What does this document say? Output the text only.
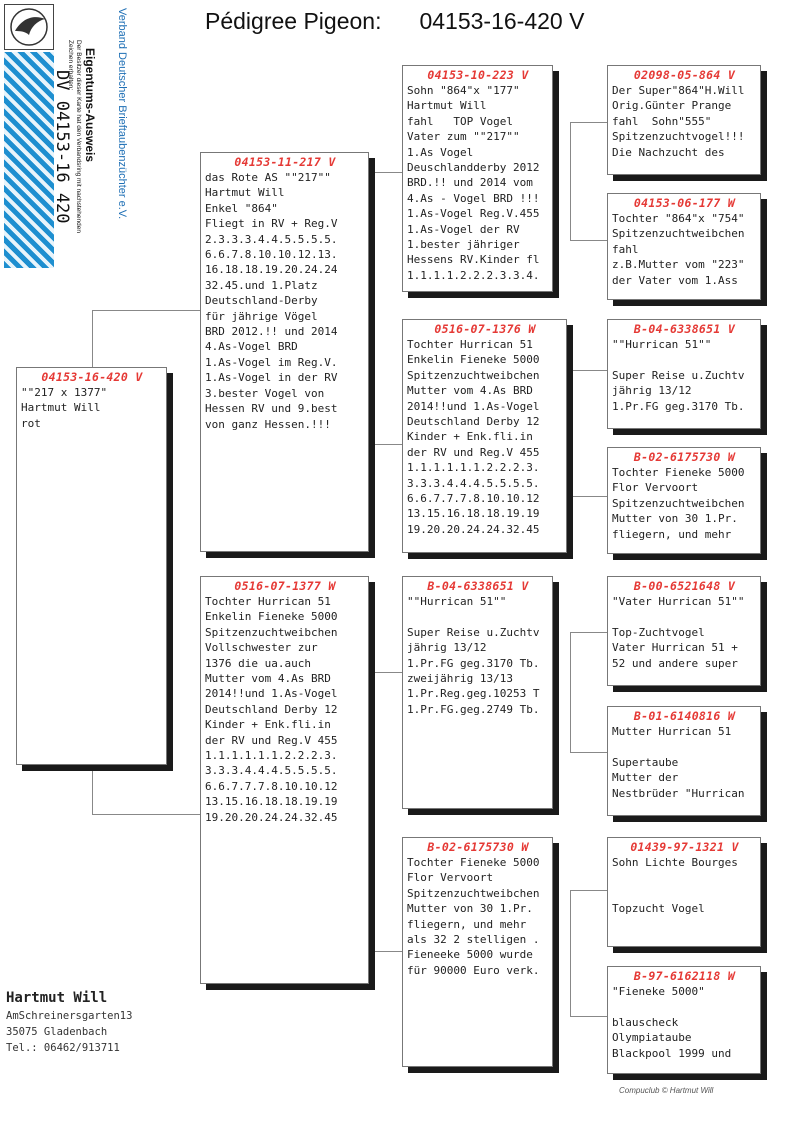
Pédigree Pigeon: 04153-16-420 V
Verband Deutscher Brieftaubenzüchter e.V.
Eigentums-Ausweis
Der Besitzer dieser Karte hat den Verbandsring mit nachstehenden Zeichen erhalten:
DV 04153-16 420
04153-16-420 V
""217 x 1377"
Hartmut Will
rot
04153-11-217 V
das Rote AS ""217""
Hartmut Will
Enkel "864"
Fliegt in RV + Reg.V
2.3.3.3.4.4.5.5.5.5.
6.6.7.8.10.10.12.13.
16.18.18.19.20.24.24
32.45.und 1.Platz
Deutschland-Derby
für jährige Vögel
BRD 2012.!! und 2014
4.As-Vogel BRD
1.As-Vogel im Reg.V.
1.As-Vogel in der RV
3.bester Vogel von
Hessen RV und 9.best
von ganz Hessen.!!!
0516-07-1377 W
Tochter Hurrican 51
Enkelin Fieneke 5000
Spitzenzuchtweibchen
Vollschwester zur
1376 die ua.auch
Mutter vom 4.As BRD
2014!!und 1.As-Vogel
Deutschland Derby 12
Kinder + Enk.fli.in
der RV und Reg.V 455
1.1.1.1.1.1.2.2.2.3.
3.3.3.4.4.4.5.5.5.5.
6.6.7.7.7.8.10.10.12
13.15.16.18.18.19.19
19.20.20.24.24.32.45
04153-10-223 V
Sohn "864"x "177"
Hartmut Will
fahl   TOP Vogel
Vater zum ""217""
1.As Vogel
Deuschlandderby 2012
BRD.!! und 2014 vom
4.As - Vogel BRD !!!
1.As-Vogel Reg.V.455
1.As-Vogel der RV
1.bester jähriger
Hessens RV.Kinder fl
1.1.1.1.2.2.2.3.3.4.
0516-07-1376 W
Tochter Hurrican 51
Enkelin Fieneke 5000
Spitzenzuchtweibchen
Mutter vom 4.As BRD
2014!!und 1.As-Vogel
Deutschland Derby 12
Kinder + Enk.fli.in
der RV und Reg.V 455
1.1.1.1.1.1.2.2.2.3.
3.3.3.4.4.4.5.5.5.5.
6.6.7.7.7.8.10.10.12
13.15.16.18.18.19.19
19.20.20.24.24.32.45
B-04-6338651 V
""Hurrican 51""

Super Reise u.Zuchtv
jährig 13/12
1.Pr.FG geg.3170 Tb.
zweijährig 13/13
1.Pr.Reg.geg.10253 T
1.Pr.FG.geg.2749 Tb.
B-02-6175730 W
Tochter Fieneke 5000
Flor Vervoort
Spitzenzuchtweibchen
Mutter von 30 1.Pr.
fliegern, und mehr
als 32 2 stelligen .
Fieneeke 5000 wurde
für 90000 Euro verk.
02098-05-864 V
Der Super"864"H.Will
Orig.Günter Prange
fahl  Sohn"555"
Spitzenzuchtvogel!!!
Die Nachzucht des
04153-06-177 W
Tochter "864"x "754"
Spitzenzuchtweibchen
fahl
z.B.Mutter vom "223"
der Vater vom 1.Ass
B-04-6338651 V
""Hurrican 51""

Super Reise u.Zuchtv
jährig 13/12
1.Pr.FG geg.3170 Tb.
B-02-6175730 W
Tochter Fieneke 5000
Flor Vervoort
Spitzenzuchtweibchen
Mutter von 30 1.Pr.
fliegern, und mehr
B-00-6521648 V
"Vater Hurrican 51""

Top-Zuchtvogel
Vater Hurrican 51 +
52 und andere super
B-01-6140816 W
Mutter Hurrican 51

Supertaube
Mutter der
Nestbrüder "Hurrican
01439-97-1321 V
Sohn Lichte Bourges

Topzucht Vogel
B-97-6162118 W
"Fieneke 5000"

blauscheck
Olympiataube
Blackpool 1999 und
Hartmut Will
AmSchreinersgarten13
35075 Gladenbach
Tel.: 06462/913711
Compuclub © Hartmut Will
